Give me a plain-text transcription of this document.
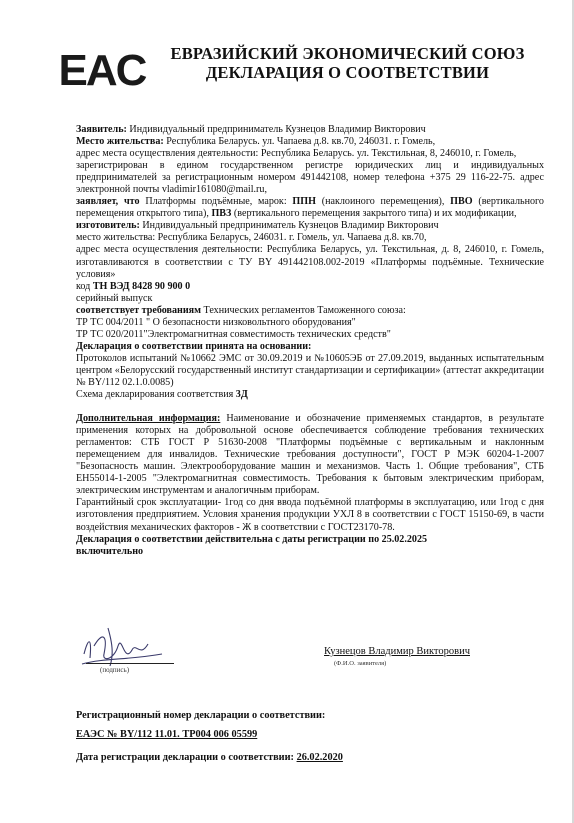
EAC	ЕВРАЗИЙСКИЙ ЭКОНОМИЧЕСКИЙ СОЮЗ
ДЕКЛАРАЦИЯ О СООТВЕТСТВИИ

Заявитель: Индивидуальный предприниматель Кузнецов Владимир Викторович

Место жительства: Республика Беларусь. ул. Чапаева д.8. кв.70, 246031. г. Гомель,

адрес места осуществления деятельности: Республика Беларусь. ул. Текстильная, 8, 246010, г. Гомель,

зарегистрирован в едином государственном регистре юридических лиц и индивидуальных предпринимателей за регистрационным номером 491442108, номер телефона +375 29 116-22-75. адрес электронной почты vladimir161080@mail.ru,

заявляет, что Платформы подъёмные, марок: ППН (наклоиного перемещения), ПВО (вертикального перемещения открытого типа), ПВЗ (вертикального перемещения закрытого типа) и их модификации,

изготовитель: Индивидуальный предприниматель Кузнецов Владимир Викторович

место жительства: Республика Беларусь, 246031. г. Гомель, ул. Чапаева д.8. кв.70,

адрес места осуществления деятельности: Республика Беларусь, ул. Текстильная, д. 8, 246010, г. Гомель, изготавливаются в соответствии с ТУ BY 491442108.002-2019 «Платформы подъёмные. Технические условия»

код ТН ВЭД 8428 90 900 0

серийный выпуск

соответствует требованиям Технических регламентов Таможенного союза:

ТР ТС 004/2011 " О безопасности низковольтного оборудования"

ТР ТС 020/2011"Электромагнитная совместимость технических средств"

Декларация о соответствии принята на основании:

Протоколов испытаний №10662 ЭМС от 30.09.2019 и №10605ЭБ от 27.09.2019, выданных испытательным центром «Белорусский государственный институт стандартизации и сертификации» (аттестат аккредитации № BY/112 02.1.0.0085)

Схема декларирования соответствия 3Д

Дополнительная информация: Наименование и обозначение применяемых стандартов, в результате применения которых на добровольной основе обеспечивается соблюдение требования технических регламентов: СТБ ГОСТ Р 51630-2008 "Платформы подъёмные с вертикальным и наклонным перемещением для инвалидов. Технические требования доступности", ГОСТ Р МЭК 60204-1-2007 "Безопасность машин. Электрооборудование машин и механизмов. Часть 1. Общие требования", СТБ ЕН55014-1-2005 "Электромагнитная совместимость. Требования к бытовым электрическим приборам, электрическим инструментам и аналогичным приборам.

Гарантийный срок эксплуатации- 1год со дня ввода подъёмной платформы в эксплуатацию, или 1год с дня изготовления предприятием. Условия хранения продукции УХЛ 8 в соответствии с ГОСТ 15150-69, в части воздействия механических факторов - Ж в соответствии с ГОСТ23170-78.

Декларация о соответствии действительна с даты регистрации по 25.02.2025
включительно

(подпись)
Кузнецов Владимир Викторович
(Ф.И.О. заявителя)
Регистрационный номер декларации о соответствии:
ЕАЭС № BY/112 11.01. ТР004 006 05599
Дата регистрации декларации о соответствии: 26.02.2020
